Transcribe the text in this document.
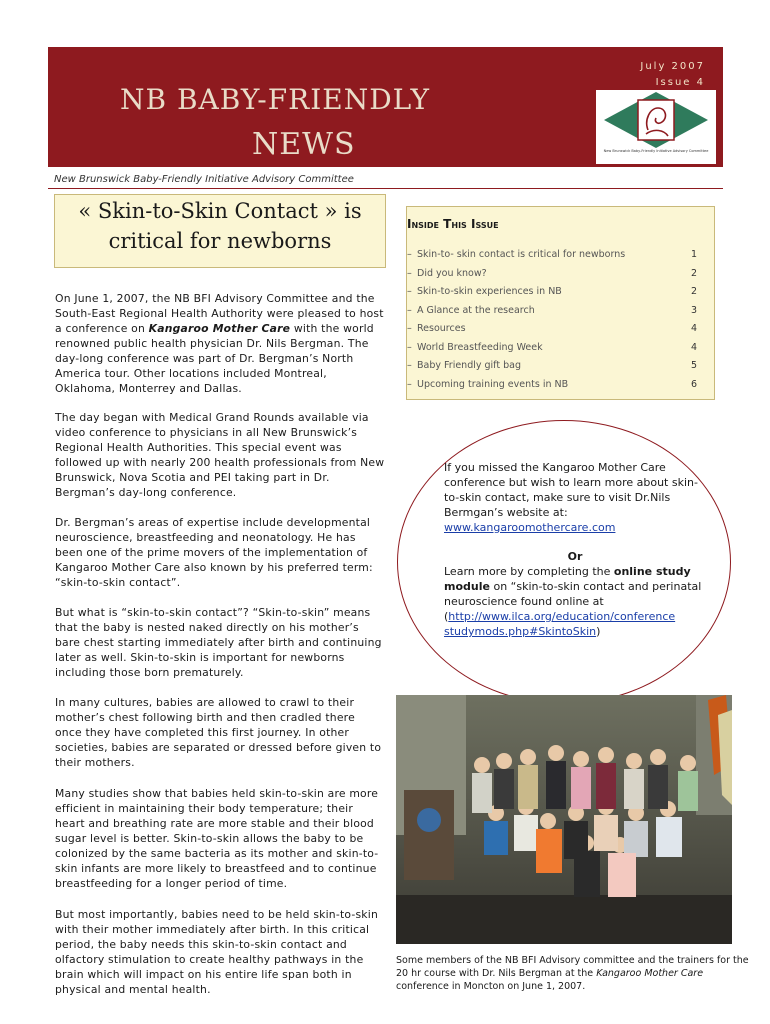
July 2007
Issue 4
NB BABY-FRIENDLY
NEWS	New Brunswick Baby-Friendly Initiative Advisory Committee
New Brunswick Baby-Friendly Initiative Advisory Committee
« Skin-to-Skin Contact » is
critical for newborns
Inside This Issue
– Skin-to- skin contact is critical for newborns	1
– Did you know?	2
– Skin-to-skin experiences in NB	2
– A Glance at the research	3
– Resources	4
– World Breastfeeding Week	4
– Baby Friendly gift bag	5
– Upcoming training events in NB	6
On June 1, 2007, the NB BFI Advisory Committee and the South-East Regional Health Authority were pleased to host a conference on Kangaroo Mother Care with the world renowned public health physician Dr. Nils Bergman. The day-long conference was part of Dr. Bergman’s North America tour. Other locations included Montreal, Oklahoma, Monterrey and Dallas.
The day began with Medical Grand Rounds available via video conference to physicians in all New Brunswick’s Regional Health Authorities. This special event was followed up with nearly 200 health professionals from New Brunswick, Nova Scotia and PEI taking part in Dr. Bergman’s day-long conference.
Dr. Bergman’s areas of expertise include developmental neuroscience, breastfeeding and neonatology. He has been one of the prime movers of the implementation of Kangaroo Mother Care also known by his preferred term: “skin-to-skin contact”.
But what is “skin-to-skin contact”? “Skin-to-skin” means that the baby is nested naked directly on his mother’s bare chest starting immediately after birth and continuing later as well. Skin-to-skin is important for newborns including those born prematurely.
In many cultures, babies are allowed to crawl to their mother’s chest following birth and then cradled there once they have completed this first journey. In other societies, babies are separated or dressed before given to their mothers.
Many studies show that babies held skin-to-skin are more efficient in maintaining their body temperature; their heart and breathing rate are more stable and their blood sugar level is better. Skin-to-skin allows the baby to be colonized by the same bacteria as its mother and skin-to-skin infants are more likely to breastfeed and to continue breastfeeding for a longer period of time.
But most importantly, babies need to be held skin-to-skin with their mother immediately after birth. In this critical period, the baby needs this skin-to-skin contact and olfactory stimulation to create healthy pathways in the brain which will impact on his entire life span both in physical and mental health.
If you missed the Kangaroo Mother Care conference but wish to learn more about skin-to-skin contact, make sure to visit Dr.Nils Bermgan’s website at:
www.kangaroomothercare.com
Or
Learn more by completing the online study module on “skin-to-skin contact and perinatal neuroscience found online at (http://www.ilca.org/education/conference studymods.php#SkintoSkin)
Some members of the NB BFI Advisory committee and the trainers for the 20 hr course with Dr. Nils Bergman at the Kangaroo Mother Care conference in Moncton on June 1, 2007.
